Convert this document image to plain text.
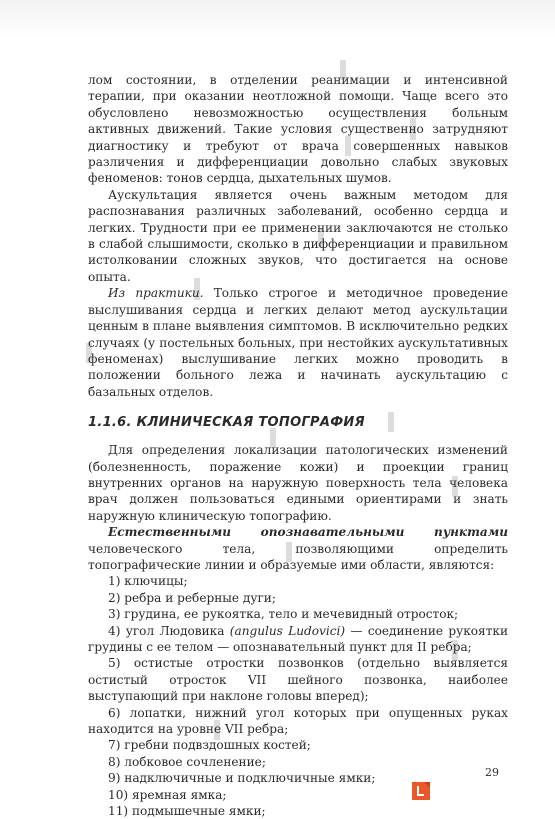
лом состоянии, в отделении реанимации и интенсивной терапии, при оказании неотложной помощи. Чаще всего это обусловлено невозможностью осуществления больным активных движений. Такие условия существенно затрудняют диагностику и требуют от врача совершенных навыков различения и дифференциации довольно слабых звуковых феноменов: тонов сердца, дыхательных шумов.

Аускультация является очень важным методом для распознавания различных заболеваний, особенно сердца и легких. Трудности при ее применении заключаются не столько в слабой слышимости, сколько в дифференциации и правильном истолковании сложных звуков, что достигается на основе опыта.

Из практики. Только строгое и методичное проведение выслушивания сердца и легких делают метод аускультации ценным в плане выявления симптомов. В исключительно редких случаях (у постельных больных, при нестойких аускультативных феноменах) выслушивание легких можно проводить в положении больного лежа и начинать аускультацию с базальных отделов.

1.1.6. КЛИНИЧЕСКАЯ ТОПОГРАФИЯ

Для определения локализации патологических изменений (болезненность, поражение кожи) и проекции границ внутренних органов на наружную поверхность тела человека врач должен пользоваться едиными ориентирами и знать наружную клиническую топографию.

Естественными опознавательными пунктами человеческого тела, позволяющими определить топографические линии и образуемые ими области, являются:

1) ключицы;

2) ребра и реберные дуги;

3) грудина, ее рукоятка, тело и мечевидный отросток;

4) угол Людовика (angulus Ludovici) — соединение рукоятки грудины с ее телом — опознавательный пункт для II ребра;

5) остистые отростки позвонков (отдельно выявляется остистый отросток VII шейного позвонка, наиболее выступающий при наклоне головы вперед);

6) лопатки, нижний угол которых при опущенных руках находится на уровне VII ребра;

7) гребни подвздошных костей;

8) лобковое сочленение;

9) надключичные и подключичные ямки;

10) яремная ямка;

11) подмышечные ямки;

29
